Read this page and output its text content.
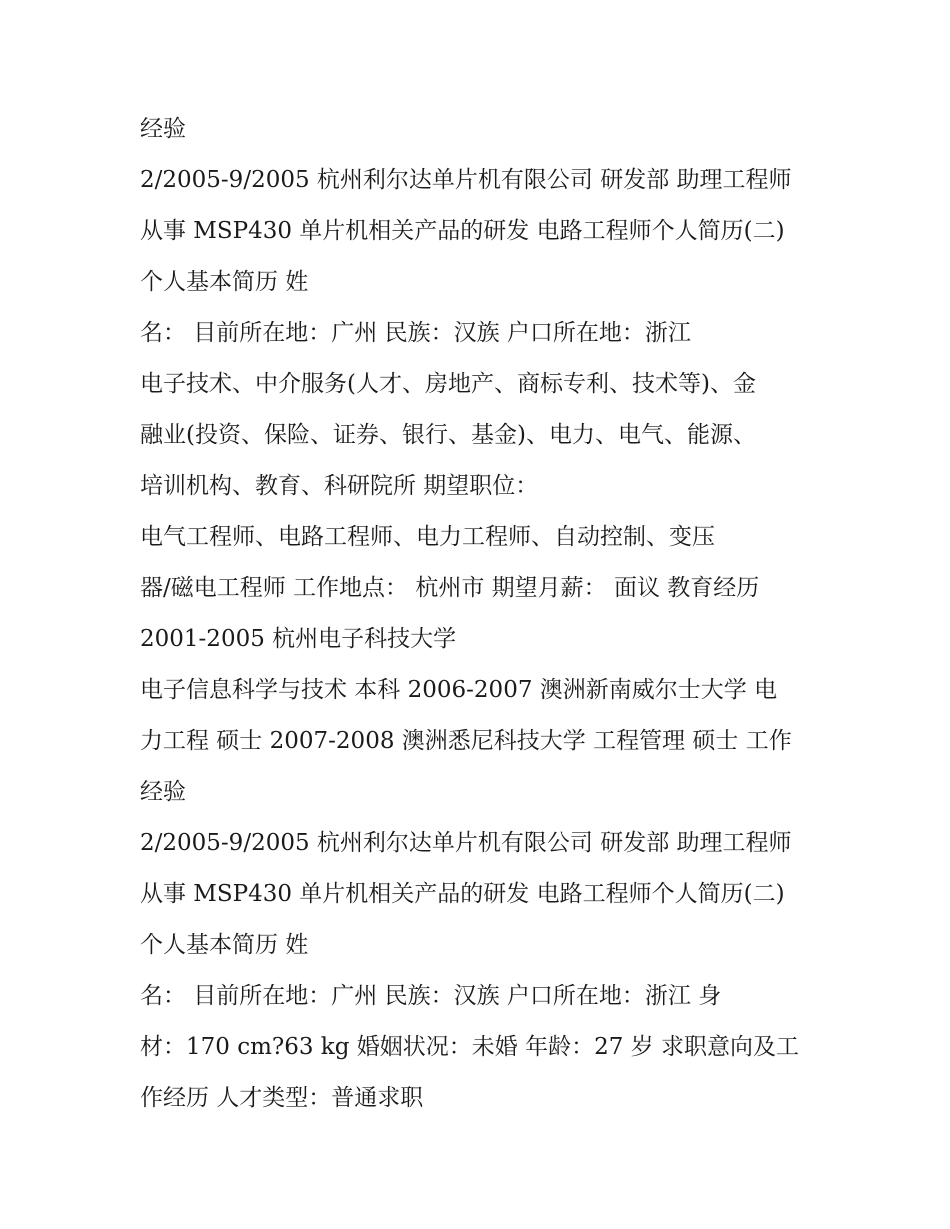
经验
2/2005-9/2005 杭州利尔达单片机有限公司 研发部 助理工程师
从事 MSP430 单片机相关产品的研发 电路工程师个人简历(二)
个人基本简历 姓
名： 目前所在地：广州 民族：汉族 户口所在地：浙江
电子技术、中介服务(人才、房地产、商标专利、技术等)、金
融业(投资、保险、证券、银行、基金)、电力、电气、能源、
培训机构、教育、科研院所 期望职位：
电气工程师、电路工程师、电力工程师、自动控制、变压
器/磁电工程师 工作地点： 杭州市 期望月薪： 面议 教育经历
2001-2005 杭州电子科技大学
电子信息科学与技术 本科 2006-2007 澳洲新南威尔士大学 电
力工程 硕士 2007-2008 澳洲悉尼科技大学 工程管理 硕士 工作
经验
2/2005-9/2005 杭州利尔达单片机有限公司 研发部 助理工程师
从事 MSP430 单片机相关产品的研发 电路工程师个人简历(二)
个人基本简历 姓
名： 目前所在地：广州 民族：汉族 户口所在地：浙江 身
材：170 cm?63 kg 婚姻状况：未婚 年龄：27 岁 求职意向及工
作经历 人才类型：普通求职
